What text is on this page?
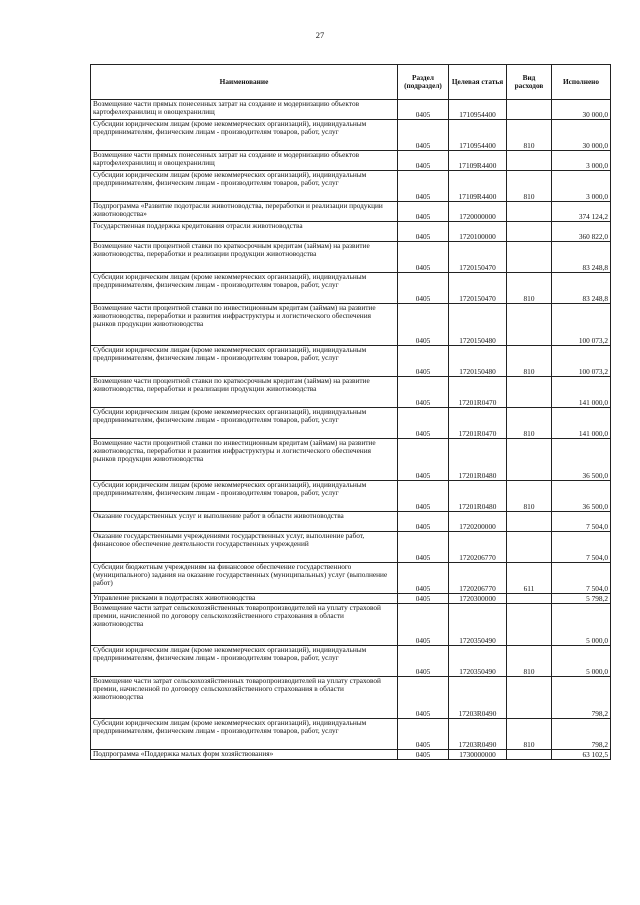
27
Наименование	Раздел (подраздел)	Целевая статья	Вид расходов	Исполнено
Возмещение части прямых понесенных затрат на создание и модернизацию объектов картофелехранилищ и овощехранилищ	0405	1710954400		30 000,0
Субсидии юридическим лицам (кроме некоммерческих организаций), индивидуальным предпринимателям, физическим лицам - производителям товаров, работ, услуг	0405	1710954400	810	30 000,0
Возмещение части прямых понесенных затрат на создание и модернизацию объектов картофелехранилищ и овощехранилищ	0405	17109R4400		3 000,0
Субсидии юридическим лицам (кроме некоммерческих организаций), индивидуальным предпринимателям, физическим лицам - производителям товаров, работ, услуг	0405	17109R4400	810	3 000,0
Подпрограмма «Развитие подотрасли животноводства, переработки и реализации продукции животноводства»	0405	1720000000		374 124,2
Государственная поддержка кредитования отрасли животноводства	0405	1720100000		360 822,0
Возмещение части процентной ставки по краткосрочным кредитам (займам) на развитие животноводства, переработки и реализации продукции животноводства	0405	1720150470		83 248,8
Субсидии юридическим лицам (кроме некоммерческих организаций), индивидуальным предпринимателям, физическим лицам - производителям товаров, работ, услуг	0405	1720150470	810	83 248,8
Возмещение части процентной ставки по инвестиционным кредитам (займам) на развитие животноводства, переработки и развития инфраструктуры и логистического обеспечения рынков продукции животноводства	0405	1720150480		100 073,2
Субсидии юридическим лицам (кроме некоммерческих организаций), индивидуальным предпринимателям, физическим лицам - производителям товаров, работ, услуг	0405	1720150480	810	100 073,2
Возмещение части процентной ставки по краткосрочным кредитам (займам) на развитие животноводства, переработки и реализации продукции животноводства	0405	17201R0470		141 000,0
Субсидии юридическим лицам (кроме некоммерческих организаций), индивидуальным предпринимателям, физическим лицам - производителям товаров, работ, услуг	0405	17201R0470	810	141 000,0
Возмещение части процентной ставки по инвестиционным кредитам (займам) на развитие животноводства, переработки и развития инфраструктуры и логистического обеспечения рынков продукции животноводства	0405	17201R0480		36 500,0
Субсидии юридическим лицам (кроме некоммерческих организаций), индивидуальным предпринимателям, физическим лицам - производителям товаров, работ, услуг	0405	17201R0480	810	36 500,0
Оказание государственных услуг и выполнение работ в области животноводства	0405	1720200000		7 504,0
Оказание государственными учреждениями государственных услуг, выполнение работ, финансовое обеспечение деятельности государственных учреждений	0405	1720206770		7 504,0
Субсидии бюджетным учреждениям на финансовое обеспечение государственного (муниципального) задания на оказание государственных (муниципальных) услуг (выполнение работ)	0405	1720206770	611	7 504,0
Управление рисками в подотраслях животноводства	0405	1720300000		5 798,2
Возмещение части затрат сельскохозяйственных товаропроизводителей на уплату страховой премии, начисленной по договору сельскохозяйственного страхования в области животноводства	0405	1720350490		5 000,0
Субсидии юридическим лицам (кроме некоммерческих организаций), индивидуальным предпринимателям, физическим лицам - производителям товаров, работ, услуг	0405	1720350490	810	5 000,0
Возмещение части затрат сельскохозяйственных товаропроизводителей на уплату страховой премии, начисленной по договору сельскохозяйственного страхования в области животноводства	0405	17203R0490		798,2
Субсидии юридическим лицам (кроме некоммерческих организаций), индивидуальным предпринимателям, физическим лицам - производителям товаров, работ, услуг	0405	17203R0490	810	798,2
Подпрограмма «Поддержка малых форм хозяйствования»	0405	1730000000		63 102,5
